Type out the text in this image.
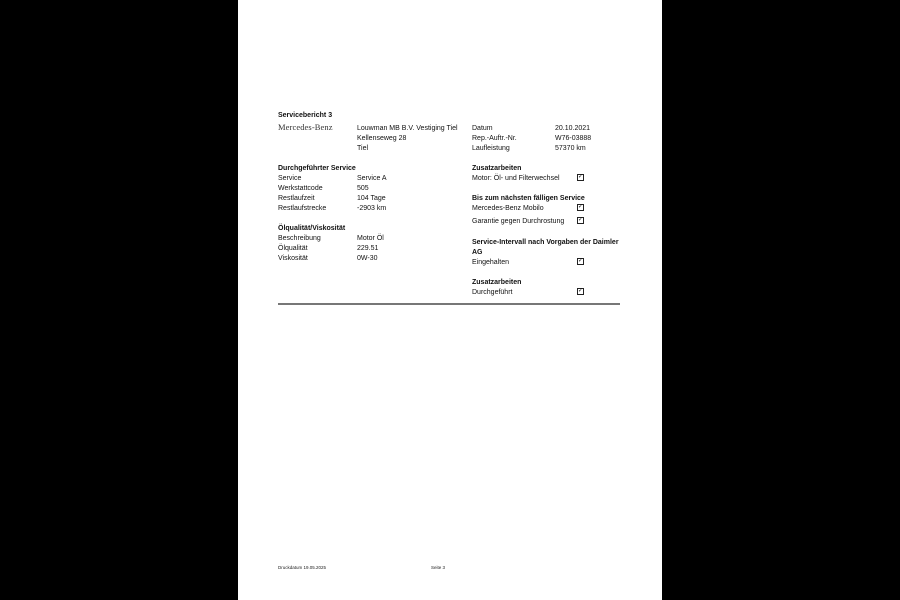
Servicebericht 3
Mercedes-Benz	Louwman MB B.V. Vestiging Tiel
Kellenseweg 28
Tiel
Datum	20.10.2021
Rep.-Auftr.-Nr.	W76-03888
Laufleistung	57370 km
Durchgeführter Service
Service	Service A
Werkstattcode	505
Restlaufzeit	104 Tage
Restlaufstrecke	-2903 km
Ölqualität/Viskosität
Beschreibung	Motor Öl
Ölqualität	229.51
Viskosität	0W-30
Zusatzarbeiten
Motor: Öl- und Filterwechsel	✓
Bis zum nächsten fälligen Service
Mercedes-Benz Mobilo	✓
Garantie gegen Durchrostung ✓
Service-Intervall nach Vorgaben der Daimler
AG
Eingehalten	✓
Zusatzarbeiten
Durchgeführt	✓
Druckdatum 19.05.2025	Seite 3
